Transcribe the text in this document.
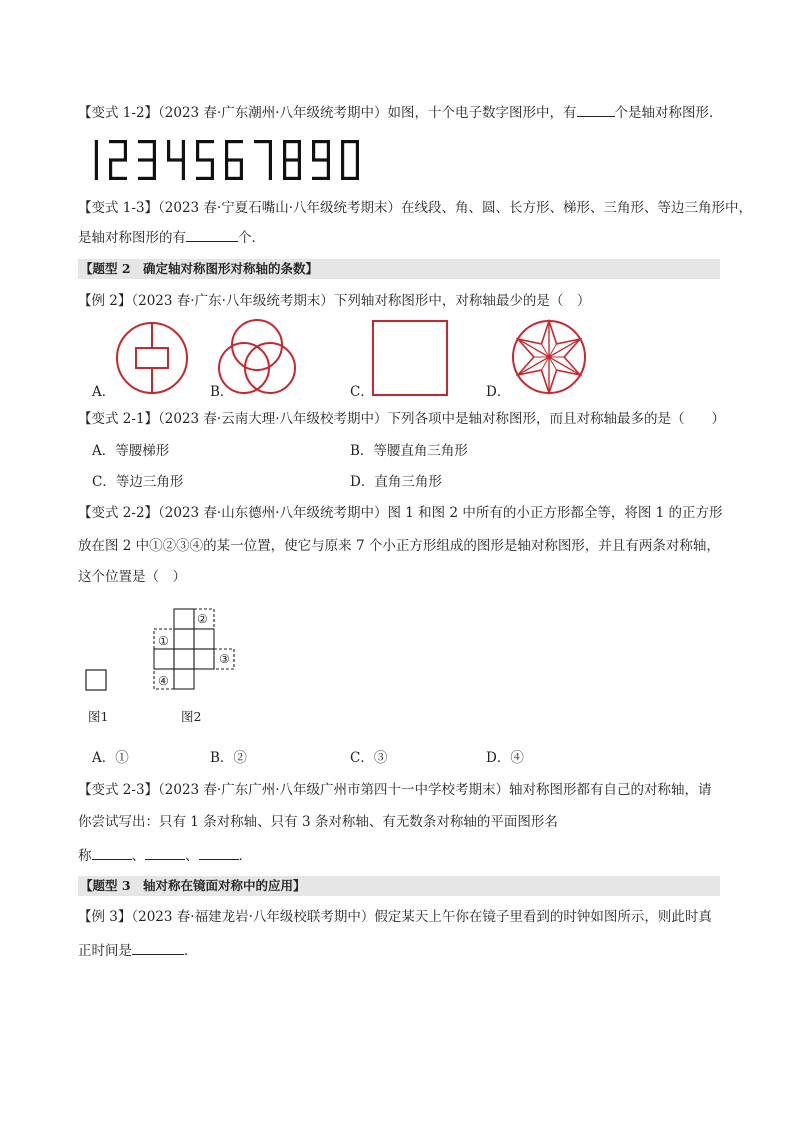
【变式 1-2】（2023 春·广东潮州·八年级统考期中）如图，十个电子数字图形中，有	个是轴对称图形．
【变式 1-3】（2023 春·宁夏石嘴山·八年级统考期末）在线段、角、圆、长方形、梯形、三角形、等边三角形中，
是轴对称图形的有	个．
【题型 2　确定轴对称图形对称轴的条数】
【例 2】（2023 春·广东·八年级统考期末）下列轴对称图形中，对称轴最少的是（　）
A．	B．	C．	D．
【变式 2-1】（2023 春·云南大理·八年级校考期中）下列各项中是轴对称图形，而且对称轴最多的是（　　）
A．等腰梯形	B．等腰直角三角形
C．等边三角形	D．直角三角形
【变式 2-2】（2023 春·山东德州·八年级统考期中）图 1 和图 2 中所有的小正方形都全等，将图 1 的正方形
放在图 2 中①②③④的某一位置，使它与原来 7 个小正方形组成的图形是轴对称图形，并且有两条对称轴，
这个位置是（　）
图1	图2
①
②
③
④
A．①	B．②	C．③	D．④
【变式 2-3】（2023 春·广东广州·八年级广州市第四十一中学校考期末）轴对称图形都有自己的对称轴，请
你尝试写出：只有 1 条对称轴、只有 3 条对称轴、有无数条对称轴的平面图形名
称	、	、	．
【题型 3　轴对称在镜面对称中的应用】
【例 3】（2023 春·福建龙岩·八年级校联考期中）假定某天上午你在镜子里看到的时钟如图所示，则此时真
正时间是	．
